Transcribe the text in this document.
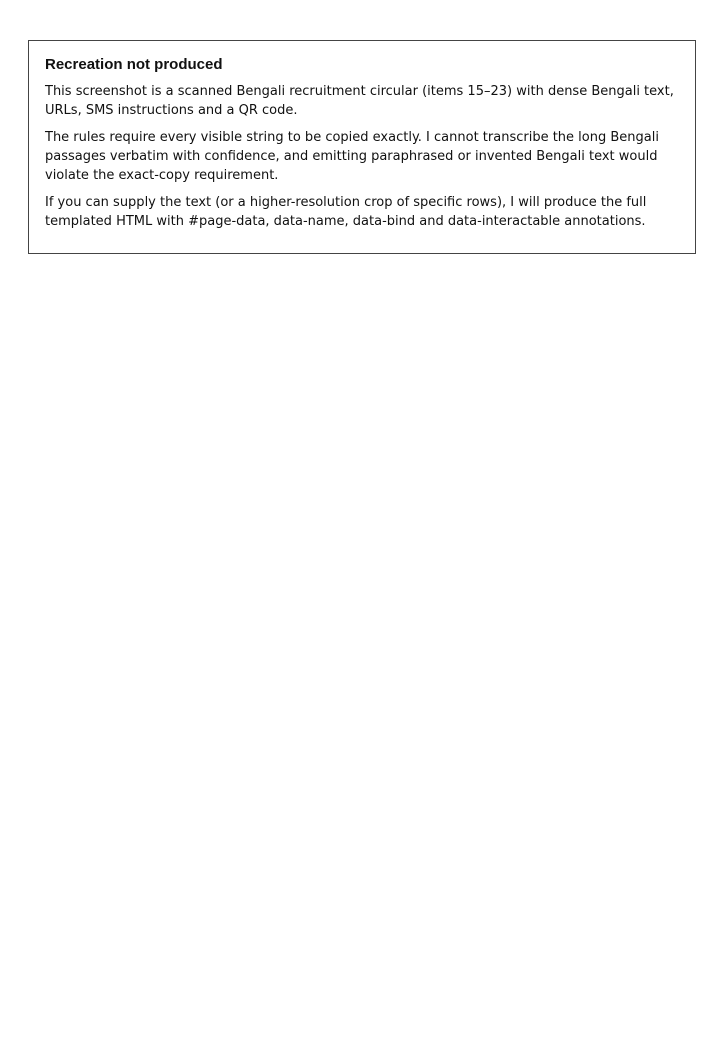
Recreation not produced

This screenshot is a scanned Bengali recruitment circular (items 15–23) with dense Bengali text, URLs, SMS instructions and a QR code.

The rules require every visible string to be copied exactly. I cannot transcribe the long Bengali passages verbatim with confidence, and emitting paraphrased or invented Bengali text would violate the exact-copy requirement.

If you can supply the text (or a higher-resolution crop of specific rows), I will produce the full templated HTML with #page-data, data-name, data-bind and data-interactable annotations.
